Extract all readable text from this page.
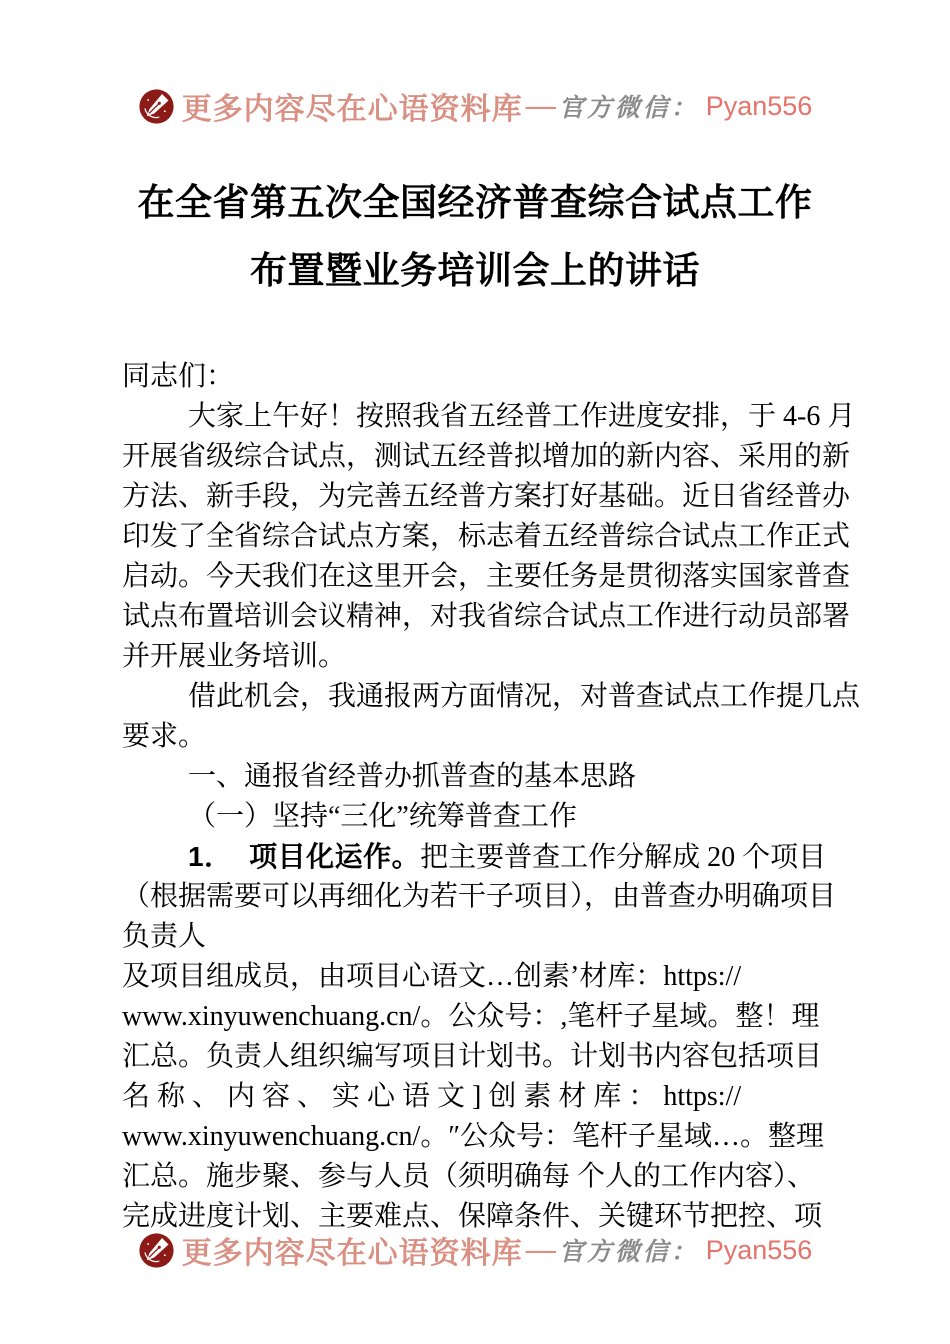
更多内容尽在心语资料库 — 官方微信： Pyan556
在全省第五次全国经济普查综合试点工作
布置暨业务培训会上的讲话
同志们：
大家上午好！按照我省五经普工作进度安排，于 4-6 月
开展省级综合试点，测试五经普拟增加的新内容、采用的新
方法、新手段，为完善五经普方案打好基础。近日省经普办
印发了全省综合试点方案，标志着五经普综合试点工作正式
启动。今天我们在这里开会，主要任务是贯彻落实国家普查
试点布置培训会议精神，对我省综合试点工作进行动员部署
并开展业务培训。
借此机会，我通报两方面情况，对普查试点工作提几点
要求。
一、通报省经普办抓普查的基本思路
（一）坚持“三化”统筹普查工作
1．  项目化运作。把主要普查工作分解成 20 个项目
（根据需要可以再细化为若干子项目），由普查办明确项目
负责人
及项目组成员，由项目心语文…创素’材库：https://
www.xinyuwenchuang.cn/。公众号：,笔杆子星域。整！理
汇总。负责人组织编写项目计划书。计划书内容包括项目
名称、内容、实心语文]创素材库：https://
www.xinyuwenchuang.cn/。″公众号：笔杆子星域…。整理
汇总。施步聚、参与人员（须明确每 个人的工作内容）、
完成进度计划、主要难点、保障条件、关键环节把控、项
更多内容尽在心语资料库 — 官方微信： Pyan556
